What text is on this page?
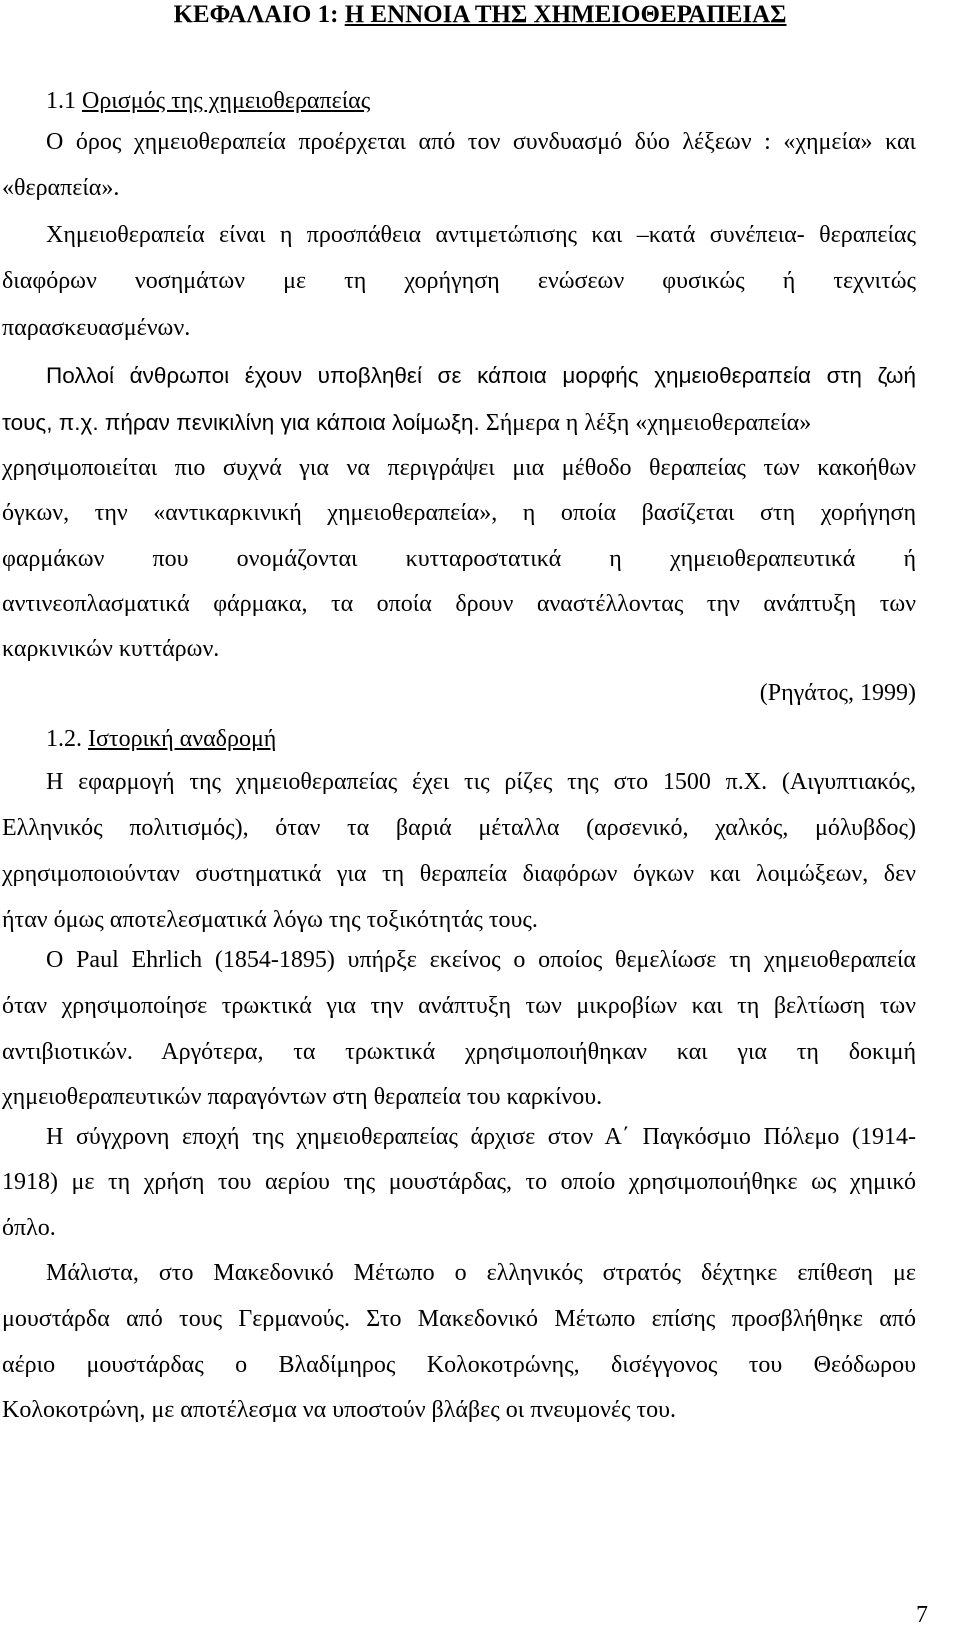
ΚΕΦΑΛΑΙΟ 1: Η ΕΝΝΟΙΑ ΤΗΣ ΧΗΜΕΙΟΘΕΡΑΠΕΙΑΣ
1.1 Ορισμός της χημειοθεραπείας
Ο όρος χημειοθεραπεία προέρχεται από τον συνδυασμό δύο λέξεων : «χημεία» και
«θεραπεία».
Χημειοθεραπεία είναι η προσπάθεια αντιμετώπισης και –κατά συνέπεια- θεραπείας
διαφόρων νοσημάτων με τη χορήγηση ενώσεων φυσικώς ή τεχνιτώς
παρασκευασμένων.
Πολλοί άνθρωποι έχουν υποβληθεί σε κάποια μορφής χημειοθεραπεία στη ζωή
τους, π.χ. πήραν πενικιλίνη για κάποια λοίμωξη. Σήμερα η λέξη «χημειοθεραπεία»
χρησιμοποιείται πιο συχνά για να περιγράψει μια μέθοδο θεραπείας των κακοήθων
όγκων, την «αντικαρκινική χημειοθεραπεία», η οποία βασίζεται στη χορήγηση
φαρμάκων που ονομάζονται κυτταροστατικά η χημειοθεραπευτικά ή
αντινεοπλασματικά φάρμακα, τα οποία δρουν αναστέλλοντας την ανάπτυξη των
καρκινικών κυττάρων.
(Ρηγάτος, 1999)
1.2. Ιστορική αναδρομή
Η εφαρμογή της χημειοθεραπείας έχει τις ρίζες της στο 1500 π.Χ. (Αιγυπτιακός,
Ελληνικός πολιτισμός), όταν τα βαριά μέταλλα (αρσενικό, χαλκός, μόλυβδος)
χρησιμοποιούνταν συστηματικά για τη θεραπεία διαφόρων όγκων και λοιμώξεων, δεν
ήταν όμως αποτελεσματικά λόγω της τοξικότητάς τους.
Ο Paul Ehrlich (1854-1895) υπήρξε εκείνος ο οποίος θεμελίωσε τη χημειοθεραπεία
όταν χρησιμοποίησε τρωκτικά για την ανάπτυξη των μικροβίων και τη βελτίωση των
αντιβιοτικών. Αργότερα, τα τρωκτικά χρησιμοποιήθηκαν και για τη δοκιμή
χημειοθεραπευτικών παραγόντων στη θεραπεία του καρκίνου.
Η σύγχρονη εποχή της χημειοθεραπείας άρχισε στον Α΄ Παγκόσμιο Πόλεμο (1914-
1918) με τη χρήση του αερίου της μουστάρδας, το οποίο χρησιμοποιήθηκε ως χημικό
όπλο.
Μάλιστα, στο Μακεδονικό Μέτωπο ο ελληνικός στρατός δέχτηκε επίθεση με
μουστάρδα από τους Γερμανούς. Στο Μακεδονικό Μέτωπο επίσης προσβλήθηκε από
αέριο μουστάρδας ο Βλαδίμηρος Κολοκοτρώνης, δισέγγονος του Θεόδωρου
Κολοκοτρώνη, με αποτέλεσμα να υποστούν βλάβες οι πνευμονές του.
7
